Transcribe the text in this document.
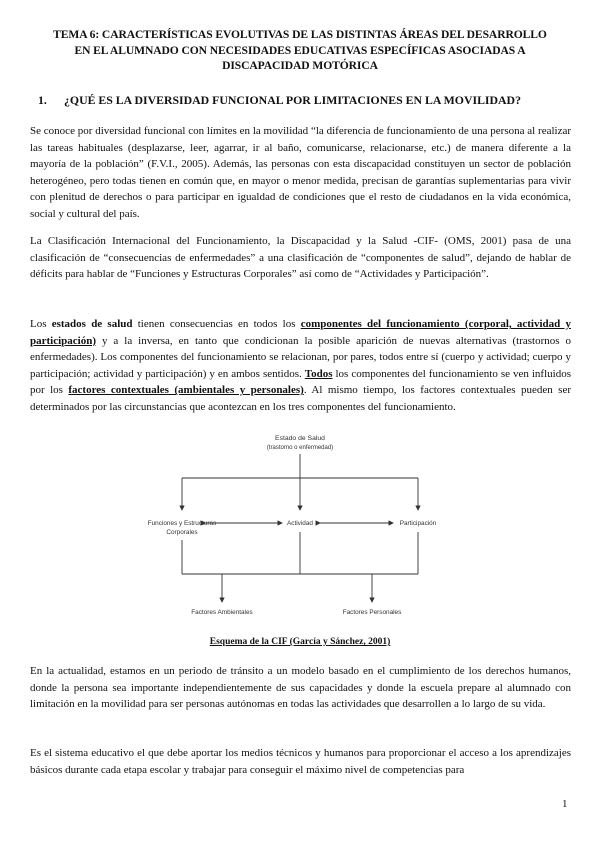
TEMA 6: CARACTERÍSTICAS EVOLUTIVAS DE LAS DISTINTAS ÁREAS DEL DESARROLLO
EN EL ALUMNADO CON NECESIDADES EDUCATIVAS ESPECÍFICAS ASOCIADAS A
DISCAPACIDAD MOTÓRICA
1. ¿QUÉ ES LA DIVERSIDAD FUNCIONAL POR LIMITACIONES EN LA MOVILIDAD?

Se conoce por diversidad funcional con límites en la movilidad “la diferencia de funcionamiento de una persona al realizar las tareas habituales (desplazarse, leer, agarrar, ir al baño, comunicarse, relacionarse, etc.) de manera diferente a la mayoría de la población” (F.V.I., 2005). Además, las personas con esta discapacidad constituyen un sector de población heterogéneo, pero todas tienen en común que, en mayor o menor medida, precisan de garantías suplementarias para vivir con plenitud de derechos o para participar en igualdad de condiciones que el resto de ciudadanos en la vida económica, social y cultural del país.

La Clasificación Internacional del Funcionamiento, la Discapacidad y la Salud -CIF- (OMS, 2001) pasa de una clasificación de “consecuencias de enfermedades” a una clasificación de “componentes de salud”, dejando de hablar de déficits para hablar de “Funciones y Estructuras Corporales” así como de “Actividades y Participación”.

Los estados de salud tienen consecuencias en todos los componentes del funcionamiento (corporal, actividad y participación) y a la inversa, en tanto que condicionan la posible aparición de nuevas alternativas (trastornos o enfermedades). Los componentes del funcionamiento se relacionan, por pares, todos entre sí (cuerpo y actividad; cuerpo y participación; actividad y participación) y en ambos sentidos. Todos los componentes del funcionamiento se ven influidos por los factores contextuales (ambientales y personales). Al mismo tiempo, los factores contextuales pueden ser determinados por las circunstancias que acontezcan en los tres componentes del funcionamiento.

Estado de Salud
(trastorno o enfermedad)
Funciones y Estructuras
Corporales
Actividad	Participación
Factores Ambientales	Factores Personales
Esquema de la CIF (García y Sánchez, 2001)

En la actualidad, estamos en un periodo de tránsito a un modelo basado en el cumplimiento de los derechos humanos, donde la persona sea importante independientemente de sus capacidades y donde la escuela prepare al alumnado con limitación en la movilidad para ser personas autónomas en todas las actividades que desarrollen a lo largo de su vida.

Es el sistema educativo el que debe aportar los medios técnicos y humanos para proporcionar el acceso a los aprendizajes básicos durante cada etapa escolar y trabajar para conseguir el máximo nivel de competencias para

1
